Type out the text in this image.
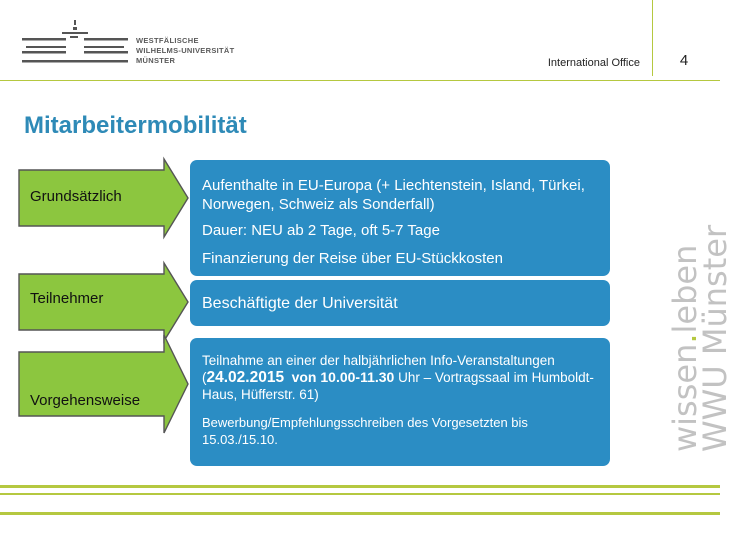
WESTFÄLISCHE
WILHELMS-UNIVERSITÄT
MÜNSTER	International Office	4
Mitarbeitermobilität
Grundsätzlich

Aufenthalte in EU-Europa (+ Liechtenstein, Island, Türkei, Norwegen, Schweiz als Sonderfall)

Dauer: NEU ab 2 Tage, oft 5-7 Tage

Finanzierung der Reise über EU-Stückkosten

Teilnehmer	Beschäftigte der Universität

Vorgehensweise

Teilnahme an einer der halbjährlichen Info-Veranstaltungen (24.02.2015 von 10.00-11.30 Uhr – Vortragssaal im Humboldt-Haus, Hüfferstr. 61)

Bewerbung/Empfehlungsschreiben des Vorgesetzten bis 15.03./15.10.	wissen.leben
WWU Münster
